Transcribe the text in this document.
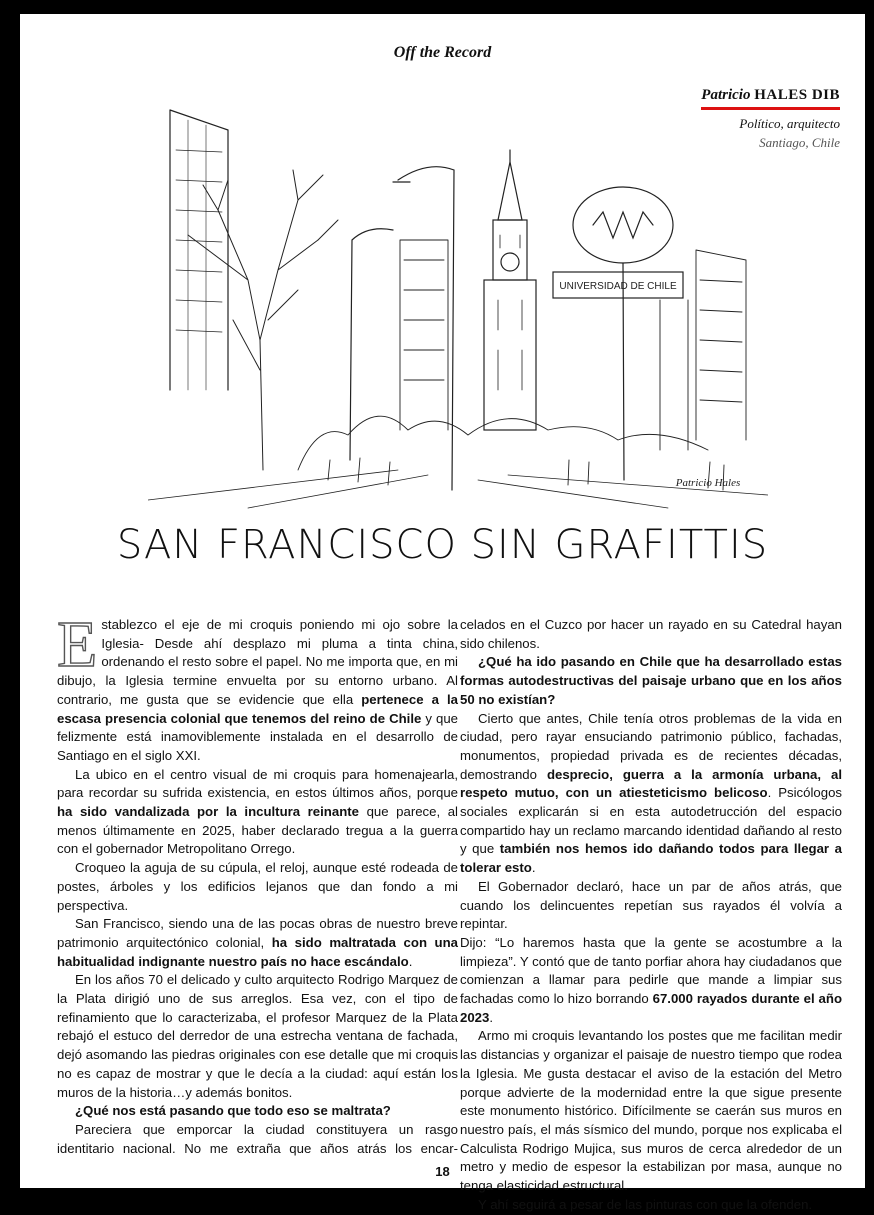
Off the Record
Patricio HALES DIB
Político, arquitecto
Santiago, Chile
UNIVERSIDAD DE CHILE
Patricio Hales
SAN FRANCISCO SIN GRAFITTIS

Establezco el eje de mi croquis poniendo mi ojo sobre la Iglesia- Desde ahí desplazo mi pluma a tinta china, ordenando el resto sobre el papel. No me importa que, en mi dibujo, la Iglesia termine envuelta por su entorno urbano. Al contrario, me gusta que se evidencie que ella pertenece a la escasa presencia colonial que tenemos del reino de Chile y que felizmente está inamoviblemente instalada en el desarrollo de Santiago en el siglo XXI.

La ubico en el centro visual de mi croquis para homenajearla, para recordar su sufrida existencia, en estos últimos años, porque ha sido vandalizada por la incultura reinante que parece, al menos últimamente en 2025, haber declarado tregua a la guerra con el gobernador Metropolitano Orrego.

Croqueo la aguja de su cúpula, el reloj, aunque esté rodeada de postes, árboles y los edificios lejanos que dan fondo a mi perspectiva.

San Francisco, siendo una de las pocas obras de nuestro breve patrimonio arquitectónico colonial, ha sido maltratada con una habitualidad indignante nuestro país no hace escándalo.

En los años 70 el delicado y culto arquitecto Rodrigo Marquez de la Plata dirigió uno de sus arreglos. Esa vez, con el tipo de refinamiento que lo caracterizaba, el profesor Marquez de la Plata rebajó el estuco del derredor de una estrecha ventana de fachada, dejó asomando las piedras originales con ese detalle que mi croquis no es capaz de mostrar y que le decía a la ciudad: aquí están los muros de la historia…y además bonitos.

¿Qué nos está pasando que todo eso se maltrata?

Pareciera que emporcar la ciudad constituyera un rasgo identitario nacional. No me extraña que años atrás los encar-

celados en el Cuzco por hacer un rayado en su Catedral hayan sido chilenos.

¿Qué ha ido pasando en Chile que ha desarrollado estas formas autodestructivas del paisaje urbano que en los años 50 no existían?

Cierto que antes, Chile tenía otros problemas de la vida en ciudad, pero rayar ensuciando patrimonio público, fachadas, monumentos, propiedad privada es de recientes décadas, demostrando desprecio, guerra a la armonía urbana, al respeto mutuo, con un atiesteticismo belicoso. Psicólogos sociales explicarán si en esta autodetrucción del espacio compartido hay un reclamo marcando identidad dañando al resto y que también nos hemos ido dañando todos para llegar a tolerar esto.

El Gobernador declaró, hace un par de años atrás, que cuando los delincuentes repetían sus rayados él volvía a repintar.

Dijo: “Lo haremos hasta que la gente se acostumbre a la limpieza”. Y contó que de tanto porfiar ahora hay ciudadanos que comienzan a llamar para pedirle que mande a limpiar sus fachadas como lo hizo borrando 67.000 rayados durante el año 2023.

Armo mi croquis levantando los postes que me facilitan medir las distancias y organizar el paisaje de nuestro tiempo que rodea la Iglesia. Me gusta destacar el aviso de la estación del Metro porque advierte de la modernidad entre la que sigue presente este monumento histórico. Difícilmente se caerán sus muros en nuestro país, el más sísmico del mundo, porque nos explicaba el Calculista Rodrigo Mujica, sus muros de cerca alrededor de un metro y medio de espesor la estabilizan por masa, aunque no tenga elasticidad estructural.

Y ahí seguirá a pesar de las pinturas con que la ofenden.

18
